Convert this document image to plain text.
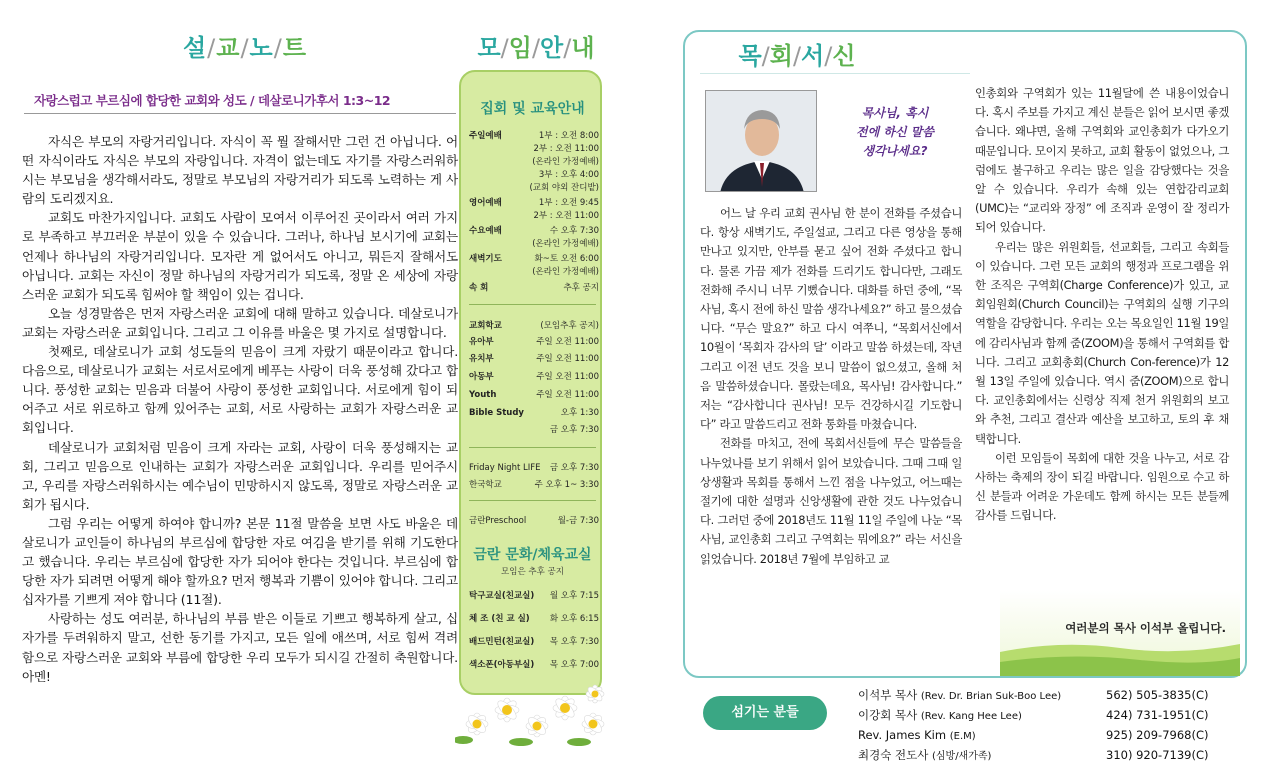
설/교/노/트
자랑스럽고 부르심에 합당한 교회와 성도 / 데살로니가후서 1:3~12

자식은 부모의 자랑거리입니다. 자식이 꼭 뭘 잘해서만 그런 건 아닙니다. 어떤 자식이라도 자식은 부모의 자랑입니다. 자격이 없는데도 자기를 자랑스러워하시는 부모님을 생각해서라도, 정말로 부모님의 자랑거리가 되도록 노력하는 게 사람의 도리겠지요.

교회도 마찬가지입니다. 교회도 사람이 모여서 이루어진 곳이라서 여러 가지로 부족하고 부끄러운 부분이 있을 수 있습니다. 그러나, 하나님 보시기에 교회는 언제나 하나님의 자랑거리입니다. 모자란 게 없어서도 아니고, 뭐든지 잘해서도 아닙니다. 교회는 자신이 정말 하나님의 자랑거리가 되도록, 정말 온 세상에 자랑스러운 교회가 되도록 힘써야 할 책임이 있는 겁니다.

오늘 성경말씀은 먼저 자랑스러운 교회에 대해 말하고 있습니다. 데살로니가 교회는 자랑스러운 교회입니다. 그리고 그 이유를 바울은 몇 가지로 설명합니다.

첫째로, 데살로니가 교회 성도들의 믿음이 크게 자랐기 때문이라고 합니다. 다음으로, 데살로니가 교회는 서로서로에게 베푸는 사랑이 더욱 풍성해 갔다고 합니다. 풍성한 교회는 믿음과 더불어 사랑이 풍성한 교회입니다. 서로에게 힘이 되어주고 서로 위로하고 함께 있어주는 교회, 서로 사랑하는 교회가 자랑스러운 교회입니다.

데살로니가 교회처럼 믿음이 크게 자라는 교회, 사랑이 더욱 풍성해지는 교회, 그리고 믿음으로 인내하는 교회가 자랑스러운 교회입니다. 우리를 믿어주시고, 우리를 자랑스러워하시는 예수님이 민망하시지 않도록, 정말로 자랑스러운 교회가 됩시다.

그럼 우리는 어떻게 하여야 합니까? 본문 11절 말씀을 보면 사도 바울은 데살로니가 교인들이 하나님의 부르심에 합당한 자로 여김을 받기를 위해 기도한다고 했습니다. 우리는 부르심에 합당한 자가 되어야 한다는 것입니다. 부르심에 합당한 자가 되려면 어떻게 해야 할까요? 먼저 행복과 기쁨이 있어야 합니다. 그리고 십자가를 기쁘게 져야 합니다 (11절).

사랑하는 성도 여러분, 하나님의 부름 받은 이들로 기쁘고 행복하게 살고, 십자가를 두려워하지 말고, 선한 동기를 가지고, 모든 일에 애쓰며, 서로 힘써 격려함으로 자랑스러운 교회와 부름에 합당한 우리 모두가 되시길 간절히 축원합니다. 아멘!

모/임/안/내
집회 및 교육안내
주일예배	1부 : 오전 8:00
2부 : 오전 11:00
(온라인 가정예배)
3부 : 오후 4:00
(교회 야외 잔디밭)
영어예배	1부 : 오전 9:45
2부 : 오전 11:00
수요예배	수 오후 7:30
(온라인 가정예배)
새벽기도	화~토 오전 6:00
(온라인 가정예배)
속 회	추후 공지
교회학교	(모임추후 공지)
유아부	주일 오전 11:00
유치부	주일 오전 11:00
아동부	주일 오전 11:00
Youth	주일 오전 11:00
Bible Study	오후 1:30
금 오후 7:30
Friday Night LIFE 금 오후 7:30
한국학교	주 오후 1~ 3:30
금란Preschool	월-금 7:30
금란 문화/체육교실
모임은 추후 공지
탁구교실(친교실) 월 오후 7:15
체 조 (친 교 실) 화 오후 6:15
배드민턴(친교실) 목 오후 7:30
색소폰(아동부실) 목 오후 7:00
목/회/서/신
목사님, 혹시
전에 하신 말씀
생각나세요?

어느 날 우리 교회 권사님 한 분이 전화를 주셨습니다. 항상 새벽기도, 주일설교, 그리고 다른 영상을 통해 만나고 있지만, 안부를 묻고 싶어 전화 주셨다고 합니다. 물론 가끔 제가 전화를 드리기도 합니다만, 그래도 전화해 주시니 너무 기뻤습니다. 대화를 하던 중에, “목사님, 혹시 전에 하신 말씀 생각나세요?” 하고 물으셨습니다. “무슨 말요?” 하고 다시 여쭈니, “목회서신에서 10월이 ‘목회자 감사의 달’ 이라고 말씀 하셨는데, 작년 그리고 이전 년도 것을 보니 말씀이 없으셨고, 올해 처음 말씀하셨습니다. 몰랐는데요, 목사님! 감사합니다.” 저는 “감사합니다 권사님! 모두 건강하시길 기도합니다” 라고 말씀드리고 전화 통화를 마쳤습니다.

전화를 마치고, 전에 목회서신들에 무슨 말씀들을 나누었나를 보기 위해서 읽어 보았습니다. 그때 그때 일상생활과 목회를 통해서 느낀 점을 나누었고, 어느때는 절기에 대한 설명과 신앙생활에 관한 것도 나누었습니다. 그러던 중에 2018년도 11월 11일 주일에 나눈 “목사님, 교인총회 그리고 구역회는 뭐에요?” 라는 서신을 읽었습니다. 2018년 7월에 부임하고 교

인총회와 구역회가 있는 11월달에 쓴 내용이었습니다. 혹시 주보를 가지고 계신 분들은 읽어 보시면 좋겠습니다. 왜냐면, 올해 구역회와 교인총회가 다가오기 때문입니다. 모이지 못하고, 교회 활동이 없었으나, 그럼에도 불구하고 우리는 많은 일을 감당했다는 것을 알 수 있습니다. 우리가 속해 있는 연합감리교회(UMC)는 “교리와 장정” 에 조직과 운영이 잘 정리가 되어 있습니다.

우리는 많은 위원회들, 선교회들, 그리고 속회들이 있습니다. 그런 모든 교회의 행정과 프로그램을 위한 조직은 구역회(Charge Conference)가 있고, 교회임원회(Church Council)는 구역회의 실행 기구의 역할을 감당합니다. 우리는 오는 목요일인 11월 19일에 감리사님과 함께 줌(ZOOM)을 통해서 구역회를 합니다. 그리고 교회총회(Church Con-ference)가 12월 13일 주일에 있습니다. 역시 줌(ZOOM)으로 합니다. 교인총회에서는 신령상 직제 천거 위원회의 보고와 추천, 그리고 결산과 예산을 보고하고, 토의 후 채택합니다.

이런 모임들이 목회에 대한 것을 나누고, 서로 감사하는 축제의 장이 되길 바랍니다. 임원으로 수고 하신 분들과 어려운 가운데도 함께 하시는 모든 분들께 감사를 드립니다.

여러분의 목사 이석부 올립니다.
섬기는 분들
이석부 목사 (Rev. Dr. Brian Suk-Boo Lee)	562) 505-3835(C)
이강회 목사 (Rev. Kang Hee Lee)	424) 731-1951(C)
Rev. James Kim (E.M)	925) 209-7968(C)
최경숙 전도사 (심방/새가족)	310) 920-7139(C)
